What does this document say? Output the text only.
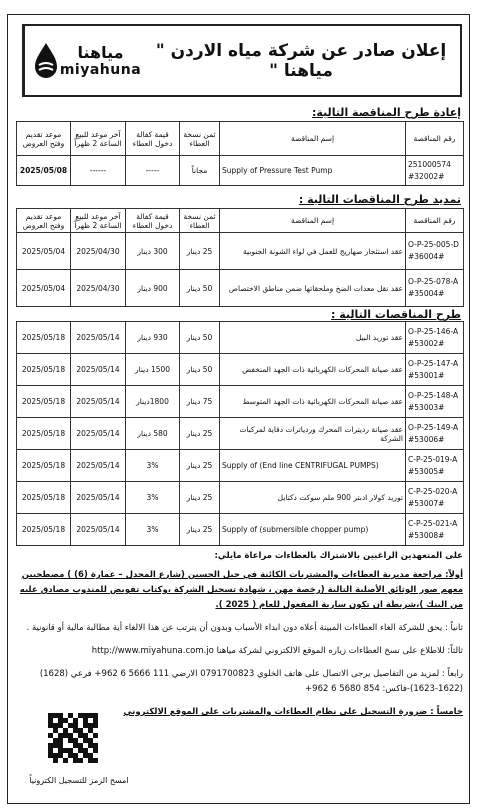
مياهنا
miyahuna
إعلان صادر عن شركة مياه الاردن " مياهنا "
إعادة طرح المناقصة التالية:
رقم المناقصة	إسم المناقصة	ثمن نسخة العطاء	قيمة كفالة دخول العطاء	آخر موعد للبيع الساعة 2 ظهراً	موعد تقديم وفتح العروض
251000574 #32002#	Supply of Pressure Test Pump	مجاناً	-----	------	2025/05/08
تمديد طرح المناقصات التالية :
رقم المناقصة	إسم المناقصة	ثمن نسخة العطاء	قيمة كفالة دخول العطاء	آخر موعد للبيع الساعة 2 ظهراً	موعد تقديم وفتح العروض
O-P-25-005-D #36004#	عقد استئجار صهاريج للعمل في لواء الشونة الجنوبية	25 دينار	300 دينار	2025/04/30	2025/05/04
O-P-25-078-A #35004#	عقد نقل معدات الضخ وملحقاتها ضمن مناطق الاختصاص	50 دينار	900 دينار	2025/04/30	2025/05/04
طرح المناقصات التالية :
O-P-25-146-A #53002#	عقد توريد البيل	50 دينار	930 دينار	2025/05/14	2025/05/18
O-P-25-147-A #53001#	عقد صيانة المحركات الكهربائية ذات الجهد المنخفض	50 دينار	1500 دينار	2025/05/14	2025/05/18
O-P-25-148-A #53003#	عقد صيانة المحركات الكهربائية ذات الجهد المتوسط	75 دينار	1800دينار	2025/05/14	2025/05/18
O-P-25-149-A #53006#	عقد صيانة رديترات المحرك وردياترات دفاية لمركبات الشركة	25 دينار	580 دينار	2025/05/14	2025/05/18
C-P-25-019-A #53005#	Supply of (End line CENTRIFUGAL PUMPS)	25 دينار	3%	2025/05/14	2025/05/18
C-P-25-020-A #53007#	توريد كولار ادبتر 900 ملم سوكت دكتايل	25 دينار	3%	2025/05/14	2025/05/18
C-P-25-021-A #53008#	Supply of (submersible chopper pump)	25 دينار	3%	2025/05/14	2025/05/18

على المتعهدين الراغبين بالاشتراك بالعطاءات مراعاة مايلي:

أولاً: مراجعة مديرية العطاءات والمشتريات الكائنة في جبل الحسين (شارع المجدل – عمارة (6) ) مصطحبين معهم صور الوثائق الأصلية التالية (رخصة مهن ، شهادة تسجيل الشركة ،وكتاب تفويض للمندوب مصادق عليه من البنك )،شريطة ان تكون سارية المفعول للعام ( 2025 ).

ثانياً : يحق للشركة الغاء العطاءات المبينة أعلاه دون ابداء الأسباب وبدون أن يترتب عن هذا الالغاء أية مطالبة مالية أو قانونية .

ثالثاً: للاطلاع على نسخ العطاءات زياره الموقع الالكتروني لشركة مياهنا http://www.miyahuna.com.jo

رابعاً : لمزيد من التفاصيل يرجى الاتصال على هاتف الخلوي 0791700823 الارضي 111 5666 6 962+ فرعي (1628) (1622-1623)-فاكس: 854 5680 6 962+

خامساً : ضرورة التسجيل على نظام العطاءات والمشتريات على الموقع الالكتروني

امسح الرمز للتسجيل الكترونياً
